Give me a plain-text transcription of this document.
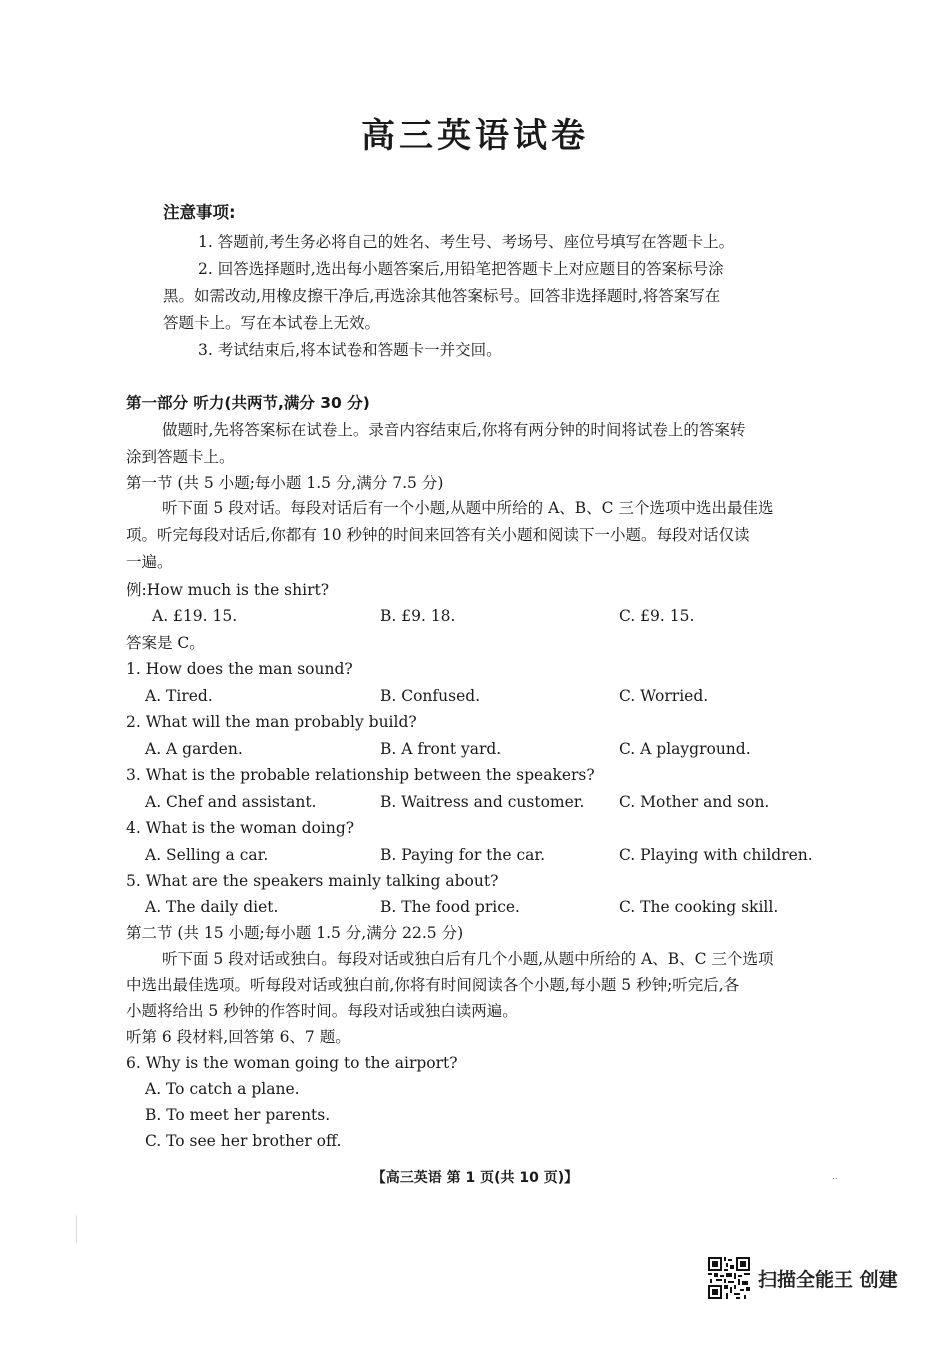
高三英语试卷
注意事项:
1. 答题前,考生务必将自己的姓名、考生号、考场号、座位号填写在答题卡上。
2. 回答选择题时,选出每小题答案后,用铅笔把答题卡上对应题目的答案标号涂
黑。如需改动,用橡皮擦干净后,再选涂其他答案标号。回答非选择题时,将答案写在
答题卡上。写在本试卷上无效。
3. 考试结束后,将本试卷和答题卡一并交回。
第一部分 听力(共两节,满分 30 分)
做题时,先将答案标在试卷上。录音内容结束后,你将有两分钟的时间将试卷上的答案转
涂到答题卡上。
第一节 (共 5 小题;每小题 1.5 分,满分 7.5 分)
听下面 5 段对话。每段对话后有一个小题,从题中所给的 A、B、C 三个选项中选出最佳选
项。听完每段对话后,你都有 10 秒钟的时间来回答有关小题和阅读下一小题。每段对话仅读
一遍。
例:How much is the shirt?
A. £19. 15.	B. £9. 18.	C. £9. 15.
答案是 C。
1. How does the man sound?
A. Tired.	B. Confused.	C. Worried.
2. What will the man probably build?
A. A garden.	B. A front yard.	C. A playground.
3. What is the probable relationship between the speakers?
A. Chef and assistant.	B. Waitress and customer. C. Mother and son.
4. What is the woman doing?
A. Selling a car.	B. Paying for the car.	C. Playing with children.
5. What are the speakers mainly talking about?
A. The daily diet.	B. The food price.	C. The cooking skill.
第二节 (共 15 小题;每小题 1.5 分,满分 22.5 分)
听下面 5 段对话或独白。每段对话或独白后有几个小题,从题中所给的 A、B、C 三个选项
中选出最佳选项。听每段对话或独白前,你将有时间阅读各个小题,每小题 5 秒钟;听完后,各
小题将给出 5 秒钟的作答时间。每段对话或独白读两遍。
听第 6 段材料,回答第 6、7 题。
6. Why is the woman going to the airport?
A. To catch a plane.
B. To meet her parents.
C. To see her brother off.
【高三英语 第 1 页(共 10 页)】	..
扫描全能王 创建
